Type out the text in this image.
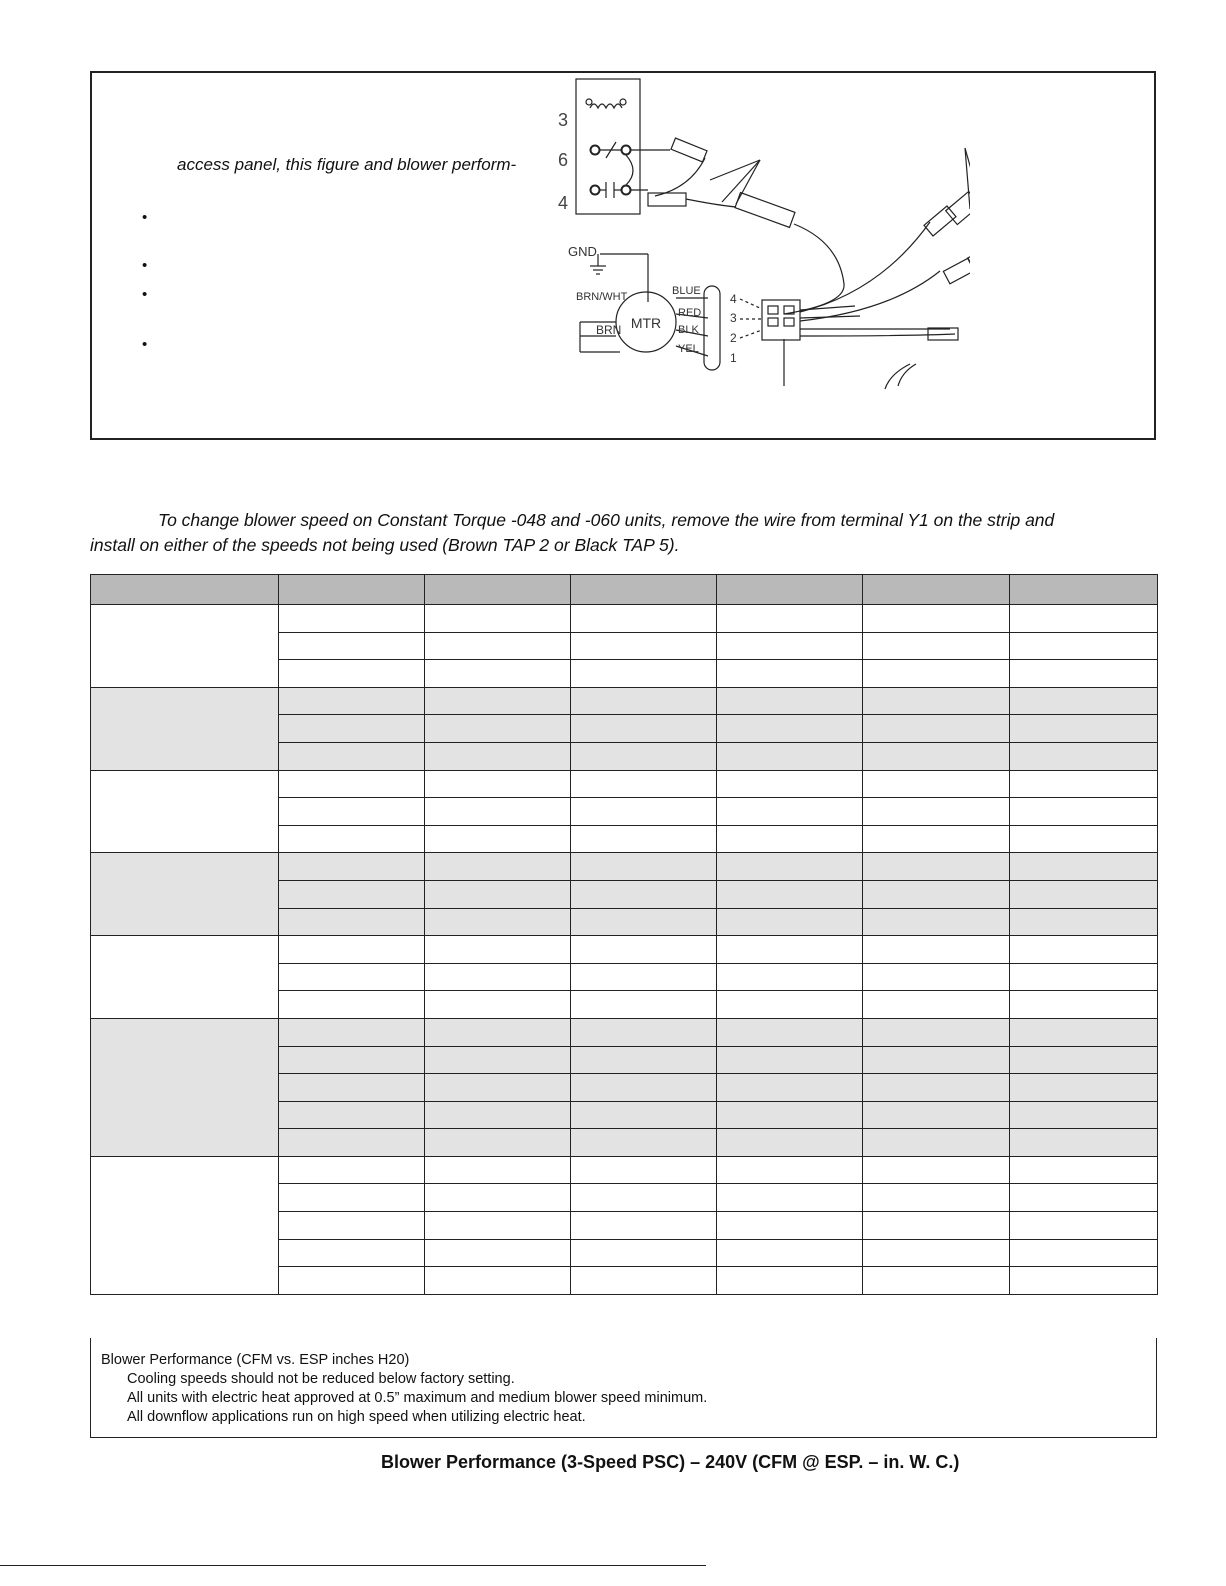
access panel, this figure and blower perform-
•
•
•
•
3
6
4
GND
MTR
BRN/WHT
BRN
BLUE
RED
BLK
YEL
4
3
2
1
To change blower speed on Constant Torque -048 and -060 units, remove the wire from terminal Y1 on the strip and
install on either of the speeds not being used (Brown TAP 2 or Black TAP 5).

Blower Performance (CFM vs. ESP inches H20)
Cooling speeds should not be reduced below factory setting.
All units with electric heat approved at 0.5” maximum and medium blower speed minimum.
All downflow applications run on high speed when utilizing electric heat.
Blower Performance (3-Speed PSC) – 240V (CFM @ ESP. – in. W. C.)
